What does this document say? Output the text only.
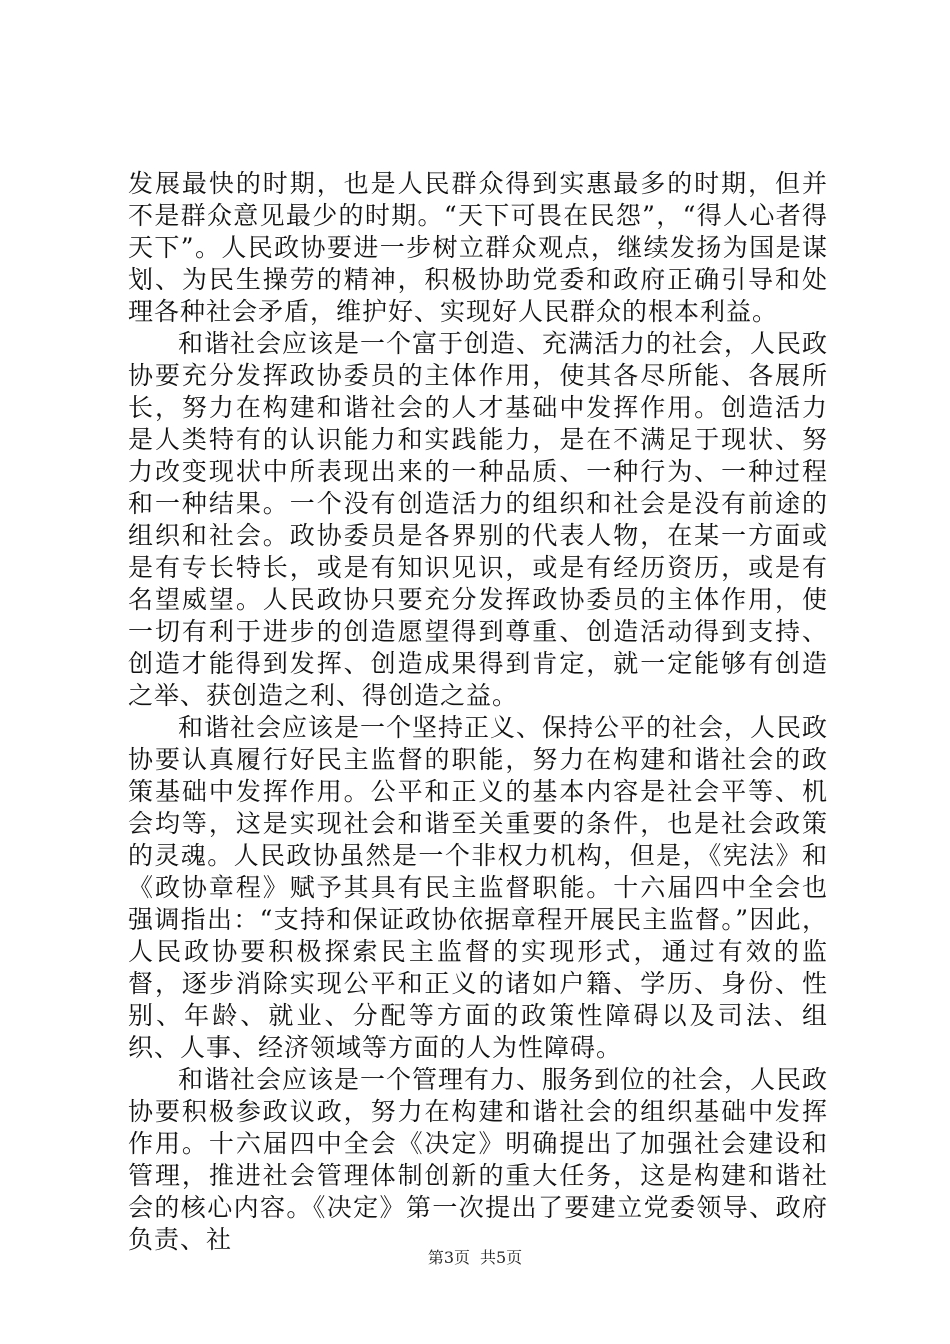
发展最快的时期，也是人民群众得到实惠最多的时期，但并不是群众意见最少的时期。“天下可畏在民怨”，“得人心者得天下”。人民政协要进一步树立群众观点，继续发扬为国是谋划、为民生操劳的精神，积极协助党委和政府正确引导和处理各种社会矛盾，维护好、实现好人民群众的根本利益。

和谐社会应该是一个富于创造、充满活力的社会，人民政协要充分发挥政协委员的主体作用，使其各尽所能、各展所长，努力在构建和谐社会的人才基础中发挥作用。创造活力是人类特有的认识能力和实践能力，是在不满足于现状、努力改变现状中所表现出来的一种品质、一种行为、一种过程和一种结果。一个没有创造活力的组织和社会是没有前途的组织和社会。政协委员是各界别的代表人物，在某一方面或是有专长特长，或是有知识见识，或是有经历资历，或是有名望威望。人民政协只要充分发挥政协委员的主体作用，使一切有利于进步的创造愿望得到尊重、创造活动得到支持、创造才能得到发挥、创造成果得到肯定，就一定能够有创造之举、获创造之利、得创造之益。

和谐社会应该是一个坚持正义、保持公平的社会，人民政协要认真履行好民主监督的职能，努力在构建和谐社会的政策基础中发挥作用。公平和正义的基本内容是社会平等、机会均等，这是实现社会和谐至关重要的条件，也是社会政策的灵魂。人民政协虽然是一个非权力机构，但是，《宪法》和《政协章程》赋予其具有民主监督职能。十六届四中全会也强调指出：“支持和保证政协依据章程开展民主监督。”因此，人民政协要积极探索民主监督的实现形式，通过有效的监督，逐步消除实现公平和正义的诸如户籍、学历、身份、性别、年龄、就业、分配等方面的政策性障碍以及司法、组织、人事、经济领域等方面的人为性障碍。

和谐社会应该是一个管理有力、服务到位的社会，人民政协要积极参政议政，努力在构建和谐社会的组织基础中发挥作用。十六届四中全会《决定》明确提出了加强社会建设和管理，推进社会管理体制创新的重大任务，这是构建和谐社会的核心内容。《决定》第一次提出了要建立党委领导、政府负责、社

第3页 共5页
